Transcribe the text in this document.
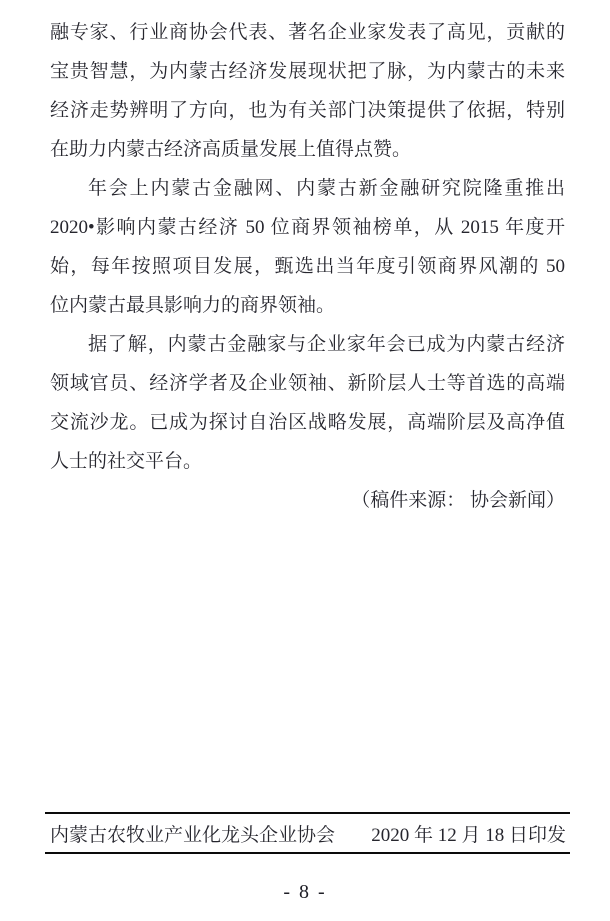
融专家、行业商协会代表、著名企业家发表了高见，贡献的
宝贵智慧，为内蒙古经济发展现状把了脉，为内蒙古的未来
经济走势辨明了方向，也为有关部门决策提供了依据，特别
在助力内蒙古经济高质量发展上值得点赞。
年会上内蒙古金融网、内蒙古新金融研究院隆重推出
2020•影响内蒙古经济 50 位商界领袖榜单，从 2015 年度开
始，每年按照项目发展，甄选出当年度引领商界风潮的 50
位内蒙古最具影响力的商界领袖。
据了解，内蒙古金融家与企业家年会已成为内蒙古经济
领域官员、经济学者及企业领袖、新阶层人士等首选的高端
交流沙龙。已成为探讨自治区战略发展，高端阶层及高净值
人士的社交平台。
（稿件来源： 协会新闻）
内蒙古农牧业产业化龙头企业协会 2020 年 12 月 18 日印发
- 8 -
